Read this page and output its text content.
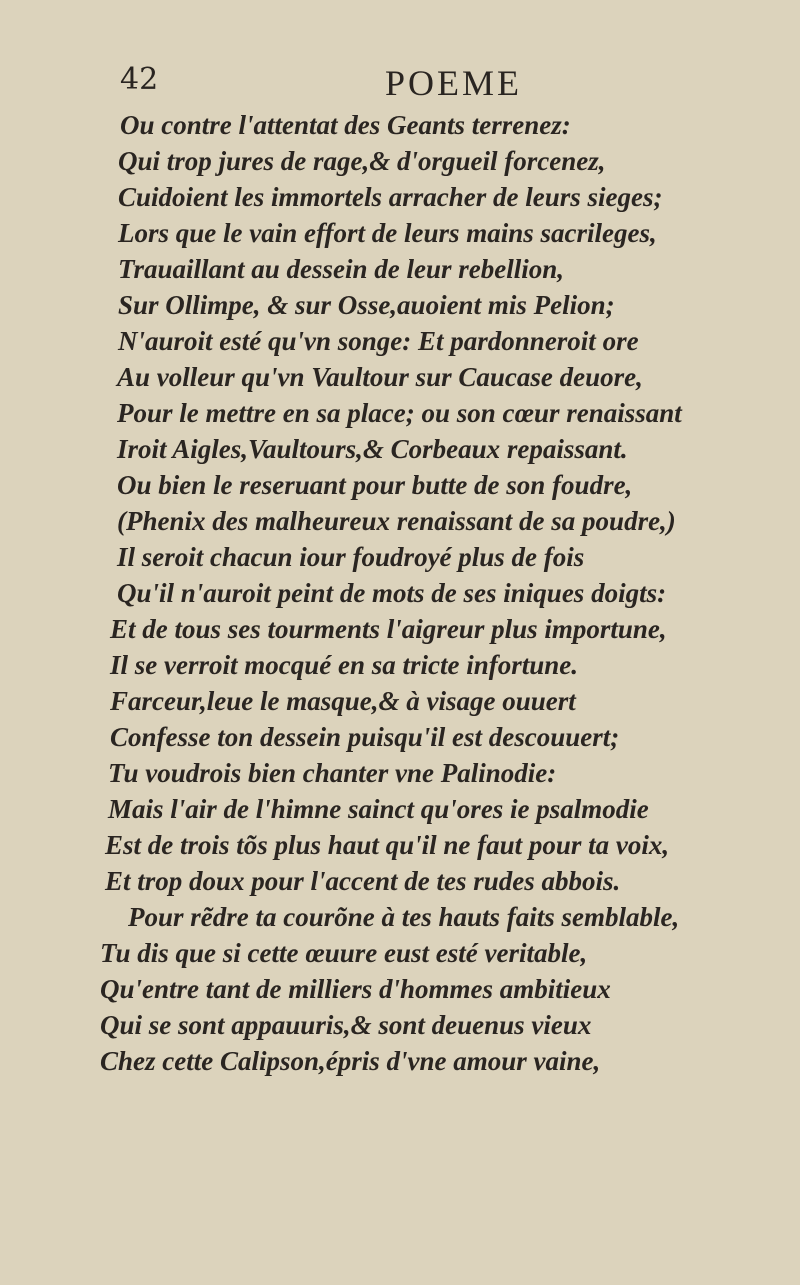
42	POEME
Ou contre l'attentat des Geants terrenez:
Qui trop jures de rage,& d'orgueil forcenez,
Cuidoient les immortels arracher de leurs sieges;
Lors que le vain effort de leurs mains sacrileges,
Trauaillant au dessein de leur rebellion,
Sur Ollimpe, & sur Osse,auoient mis Pelion;
N'auroit esté qu'vn songe: Et pardonneroit ore
Au volleur qu'vn Vaultour sur Caucase deuore,
Pour le mettre en sa place; ou son cœur renaissant
Iroit Aigles,Vaultours,& Corbeaux repaissant.
Ou bien le reseruant pour butte de son foudre,
(Phenix des malheureux renaissant de sa poudre,)
Il seroit chacun iour foudroyé plus de fois
Qu'il n'auroit peint de mots de ses iniques doigts:
Et de tous ses tourments l'aigreur plus importune,
Il se verroit mocqué en sa tricte infortune.
Farceur,leue le masque,& à visage ouuert
Confesse ton dessein puisqu'il est descouuert;
Tu voudrois bien chanter vne Palinodie:
Mais l'air de l'himne sainct qu'ores ie psalmodie
Est de trois tõs plus haut qu'il ne faut pour ta voix,
Et trop doux pour l'accent de tes rudes abbois.
Pour rẽdre ta courõne à tes hauts faits semblable,
Tu dis que si cette œuure eust esté veritable,
Qu'entre tant de milliers d'hommes ambitieux
Qui se sont appauuris,& sont deuenus vieux
Chez cette Calipson,épris d'vne amour vaine,
